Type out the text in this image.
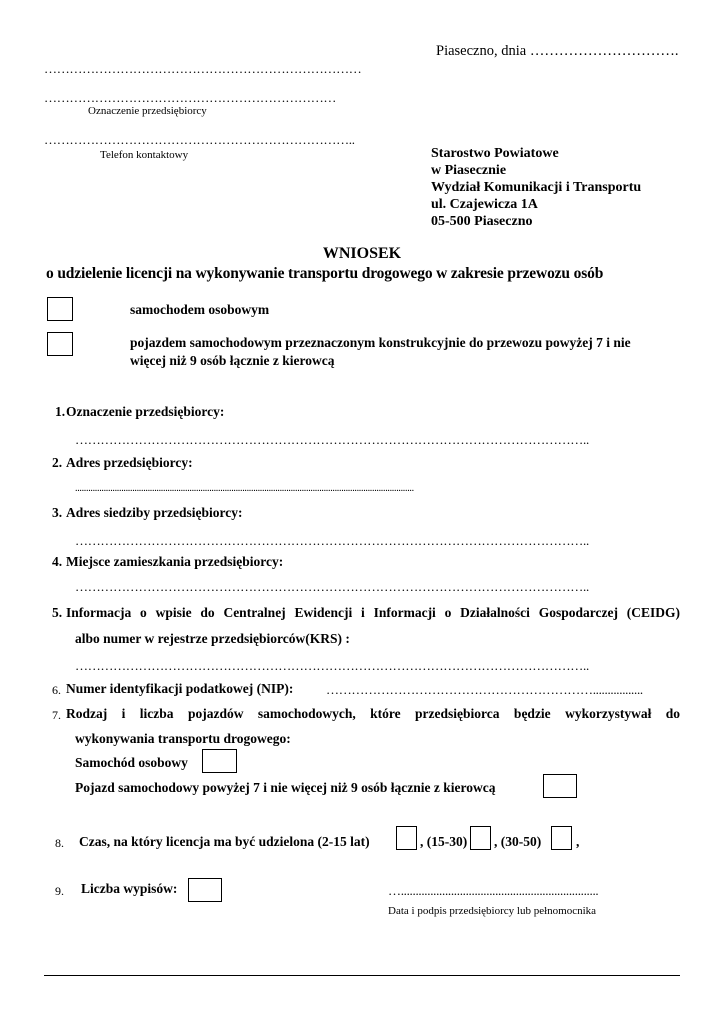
Piaseczno, dnia ………………………….
…………………………………………………………………
……………………………………………………………
Oznaczenie przedsiębiorcy
………………………………………………………………..
Telefon kontaktowy	Starostwo Powiatowe
w Piasecznie
Wydział Komunikacji i Transportu
ul. Czajewicza 1A
05-500 Piaseczno
WNIOSEK
o udzielenie licencji na wykonywanie transportu drogowego w zakresie przewozu osób
samochodem osobowym
pojazdem samochodowym przeznaczonym konstrukcyjnie do przewozu powyżej 7 i nie
więcej niż 9 osób łącznie z kierowcą
1. Oznaczenie przedsiębiorcy:
…………………………………………………………………………………………………………..
2. Adres przedsiębiorcy:
..........................................................................................................................................................
3. Adres siedziby przedsiębiorcy:
…………………………………………………………………………………………………………..
4. Miejsce zamieszkania przedsiębiorcy:
…………………………………………………………………………………………………………..
5. Informacja o wpisie do Centralnej Ewidencji i Informacji o Działalności Gospodarczej (CEIDG)
albo numer w rejestrze przedsiębiorców(KRS) :
…………………………………………………………………………………………………………..
6. Numer identyfikacji podatkowej (NIP):	……………………………………………………….................
7. Rodzaj i liczba pojazdów samochodowych, które przedsiębiorca będzie wykorzystywał do
wykonywania transportu drogowego:
Samochód osobowy
Pojazd samochodowy powyżej 7 i nie więcej niż 9 osób łącznie z kierowcą
8. Czas, na który licencja ma być udzielona (2-15 lat)	, (15-30) , (30-50)	,
9. Liczba wypisów:	…...................................................................
Data i podpis przedsiębiorcy lub pełnomocnika
